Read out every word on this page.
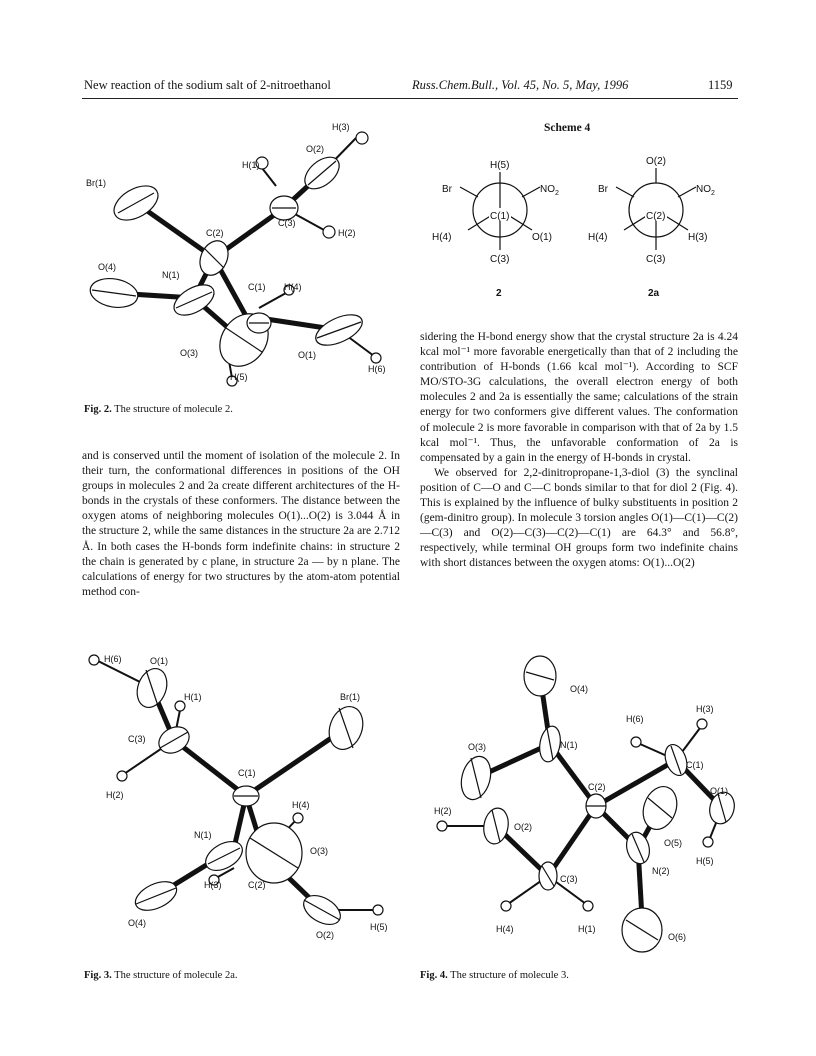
New reaction of the sodium salt of 2-nitroethanol	Russ.Chem.Bull., Vol. 45, No. 5, May, 1996	1159
H(3)
O(2)
H(1)
Br(1)
C(3)
H(2)
C(2)
O(4)
N(1)
C(1) H(4)
O(3)	O(1)
H(6)
H(5)
Fig. 2. The structure of molecule 2.
Scheme 4
C(1)
H(5)
Br	$NO_2$
H(4)	O(1)
C(3)
2
C(2)
O(2)
Br	$NO_2$
H(4)	H(3)
C(3)
2a

and is conserved until the moment of isolation of the molecule 2. In their turn, the conformational differences in positions of the OH groups in molecules 2 and 2a create different architectures of the H-bonds in the crystals of these conformers. The distance between the oxygen atoms of neighboring molecules O(1)...O(2) is 3.044 Å in the structure 2, while the same distances in the structure 2a are 2.712 Å. In both cases the H-bonds form indefinite chains: in structure 2 the chain is generated by c plane, in structure 2a — by n plane. The calculations of energy for two structures by the atom-atom potential method con-

sidering the H-bond energy show that the crystal structure 2a is 4.24 kcal mol⁻¹ more favorable energetically than that of 2 including the contribution of H-bonds (1.66 kcal mol⁻¹). According to SCF MO/STO-3G calculations, the overall electron energy of both molecules 2 and 2a is essentially the same; calculations of the strain energy for two conformers give different values. The conformation of molecule 2 is more favorable in comparison with that of 2a by 1.5 kcal mol⁻¹. Thus, the unfavorable conformation of 2a is compensated by a gain in the energy of H-bonds in crystal.

We observed for 2,2-dinitropropane-1,3-diol (3) the synclinal position of C—O and C—C bonds similar to that for diol 2 (Fig. 4). This is explained by the influence of bulky substituents in position 2 (gem-dinitro group). In molecule 3 torsion angles O(1)—C(1)—C(2)—C(3) and O(2)—C(3)—C(2)—C(1) are 64.3° and 56.8°, respectively, while terminal OH groups form two indefinite chains with short distances between the oxygen atoms: O(1)...O(2)

H(6)	O(1)
H(1)	Br(1)
C(3)
H(2)
C(1)
H(4)
N(1)
O(3)
H(3)	C(2)
O(4)	H(5)
O(2)
Fig. 3. The structure of molecule 2a.
O(4)
H(3)
H(6)
N(1)
O(3)
C(1)
C(2)	O(1)
H(2)
O(2)
O(5)
H(5)
N(2)
C(3)
H(4)	H(1)
O(6)
Fig. 4. The structure of molecule 3.
